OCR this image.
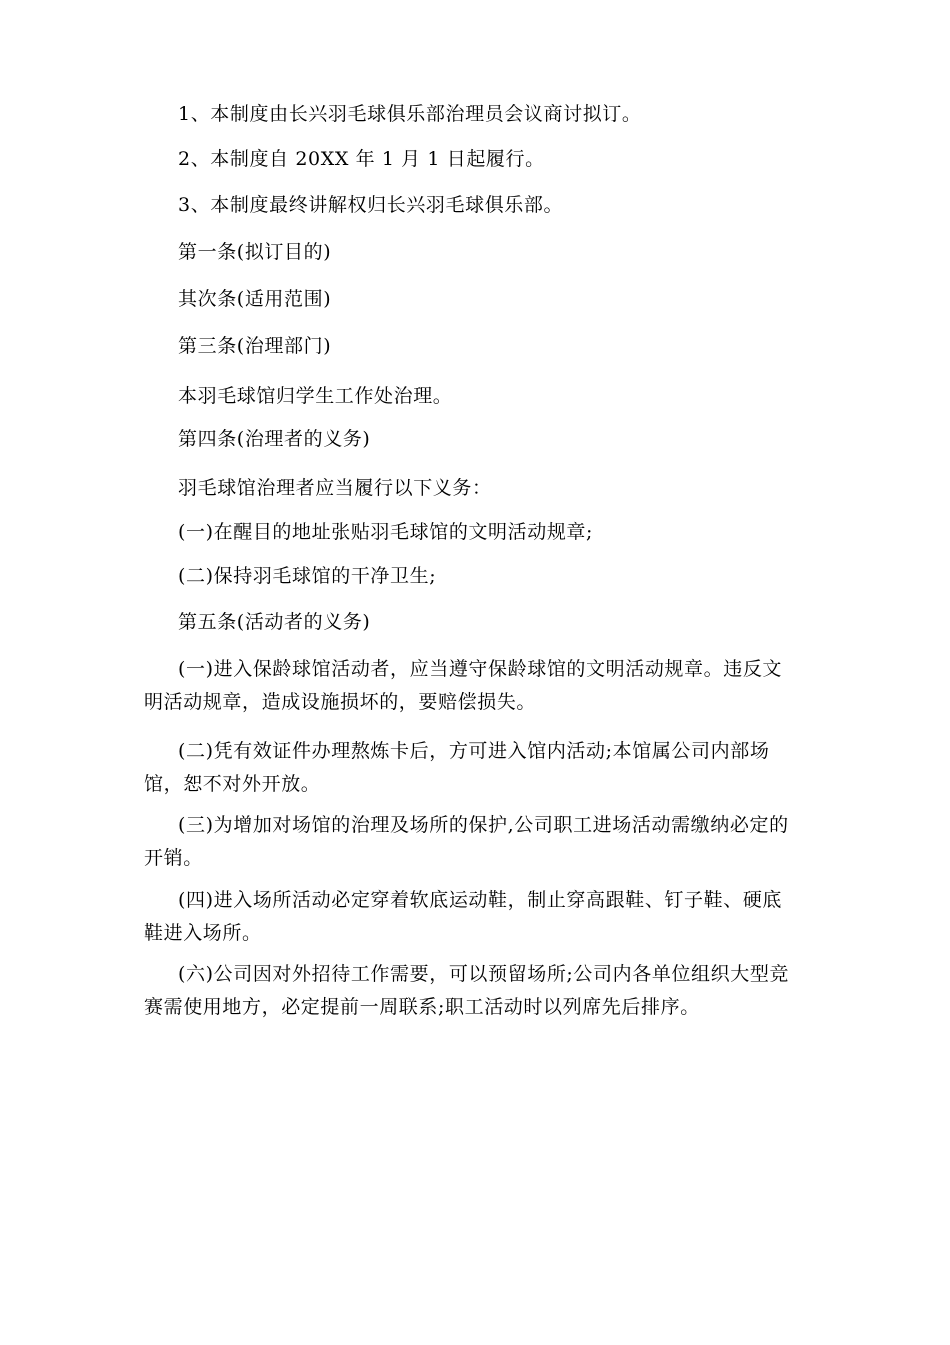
1、本制度由长兴羽毛球俱乐部治理员会议商讨拟订。
2、本制度自 20XX 年 1 月 1 日起履行。
3、本制度最终讲解权归长兴羽毛球俱乐部。
第一条(拟订目的)
其次条(适用范围)
第三条(治理部门)
本羽毛球馆归学生工作处治理。
第四条(治理者的义务)
羽毛球馆治理者应当履行以下义务：
(一)在醒目的地址张贴羽毛球馆的文明活动规章;
(二)保持羽毛球馆的干净卫生;
第五条(活动者的义务)
(一)进入保龄球馆活动者，应当遵守保龄球馆的文明活动规章。违反文明活动规章，造成设施损坏的，要赔偿损失。
(二)凭有效证件办理熬炼卡后，方可进入馆内活动;本馆属公司内部场馆，恕不对外开放。
(三)为增加对场馆的治理及场所的保护,公司职工进场活动需缴纳必定的开销。
(四)进入场所活动必定穿着软底运动鞋，制止穿高跟鞋、钉子鞋、硬底鞋进入场所。
(六)公司因对外招待工作需要，可以预留场所;公司内各单位组织大型竞赛需使用地方，必定提前一周联系;职工活动时以列席先后排序。
